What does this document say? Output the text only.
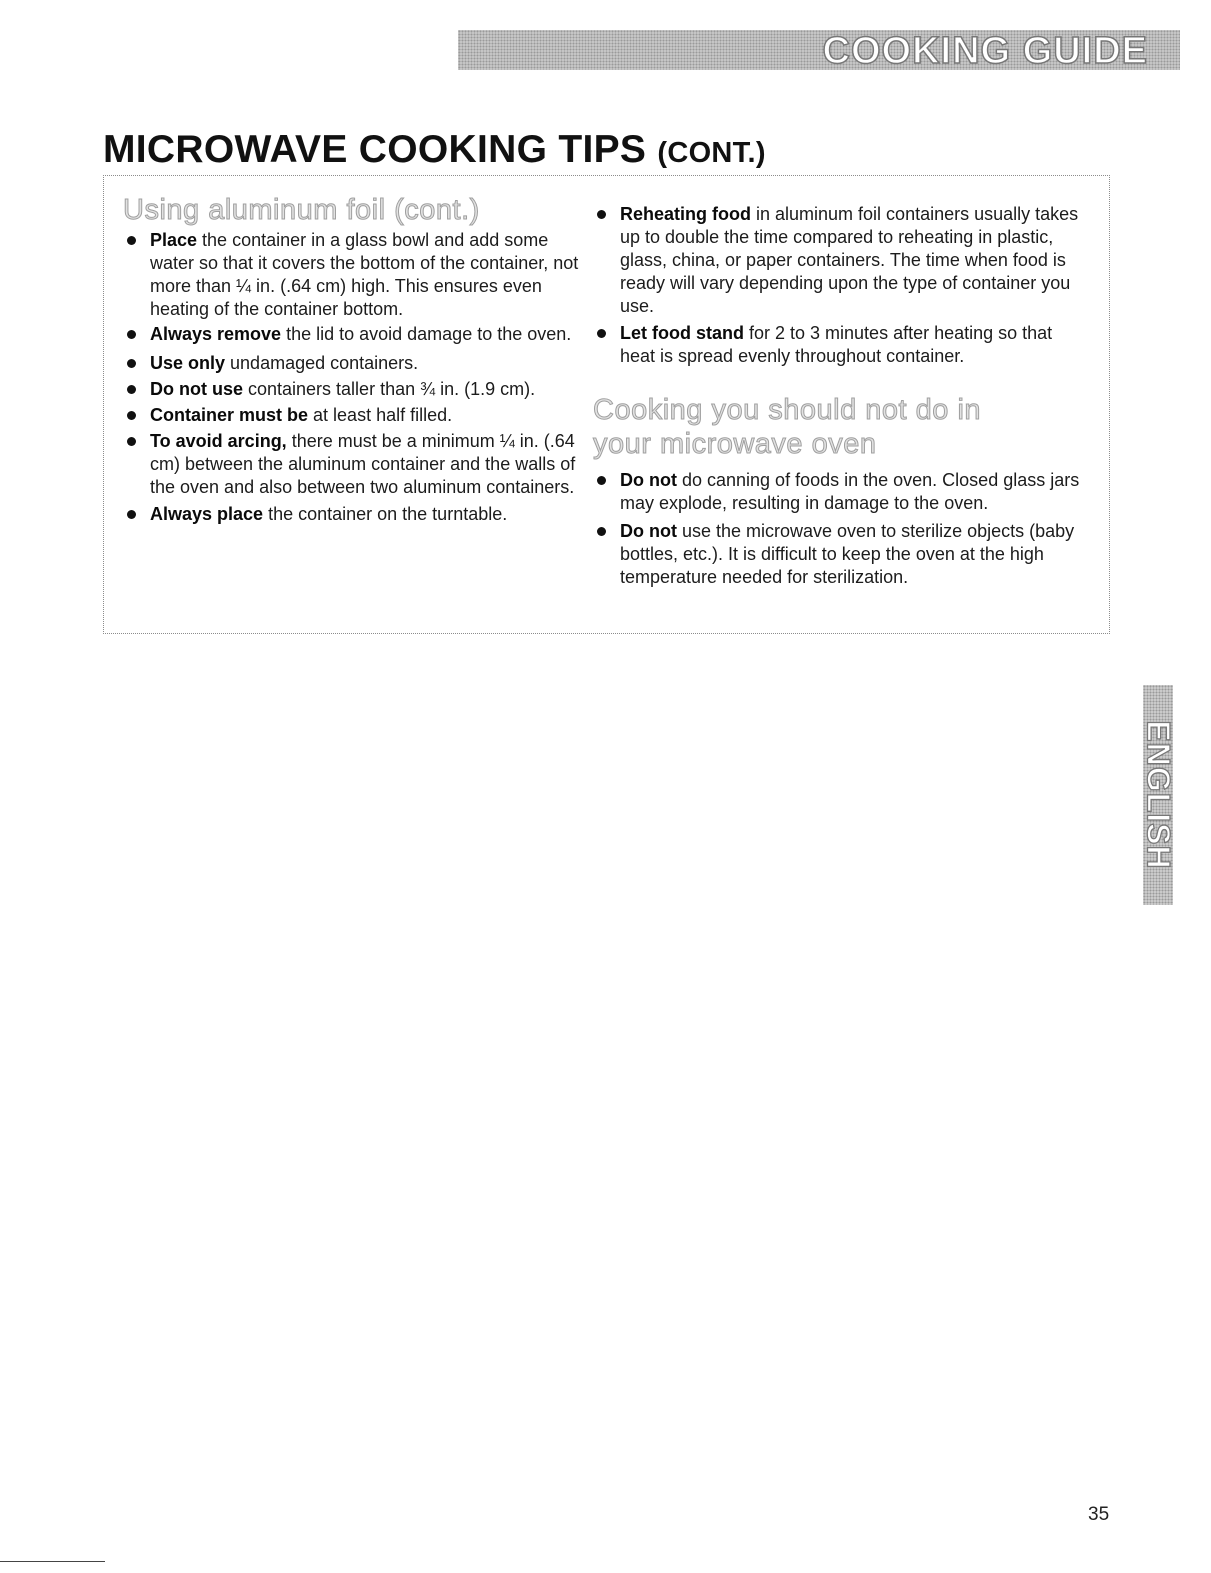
COOKING GUIDE
MICROWAVE COOKING TIPS (CONT.)
Using aluminum foil (cont.)
Place the container in a glass bowl and add some water so that it covers the bottom of the container, not more than ¼ in. (.64 cm) high. This ensures even heating of the container bottom.
Always remove the lid to avoid damage to the oven.
Use only undamaged containers.
Do not use containers taller than ¾ in. (1.9 cm).
Container must be at least half filled.
To avoid arcing, there must be a minimum ¼ in. (.64 cm) between the aluminum container and the walls of the oven and also between two aluminum containers.
Always place the container on the turntable.
Reheating food in aluminum foil containers usually takes up to double the time compared to reheating in plastic, glass, china, or paper containers. The time when food is ready will vary depending upon the type of container you use.
Let food stand for 2 to 3 minutes after heating so that heat is spread evenly throughout container.
Cooking you should not do in your microwave oven
Do not do canning of foods in the oven. Closed glass jars may explode, resulting in damage to the oven.
Do not use the microwave oven to sterilize objects (baby bottles, etc.). It is difficult to keep the oven at the high temperature needed for sterilization.
ENGLISH
35
